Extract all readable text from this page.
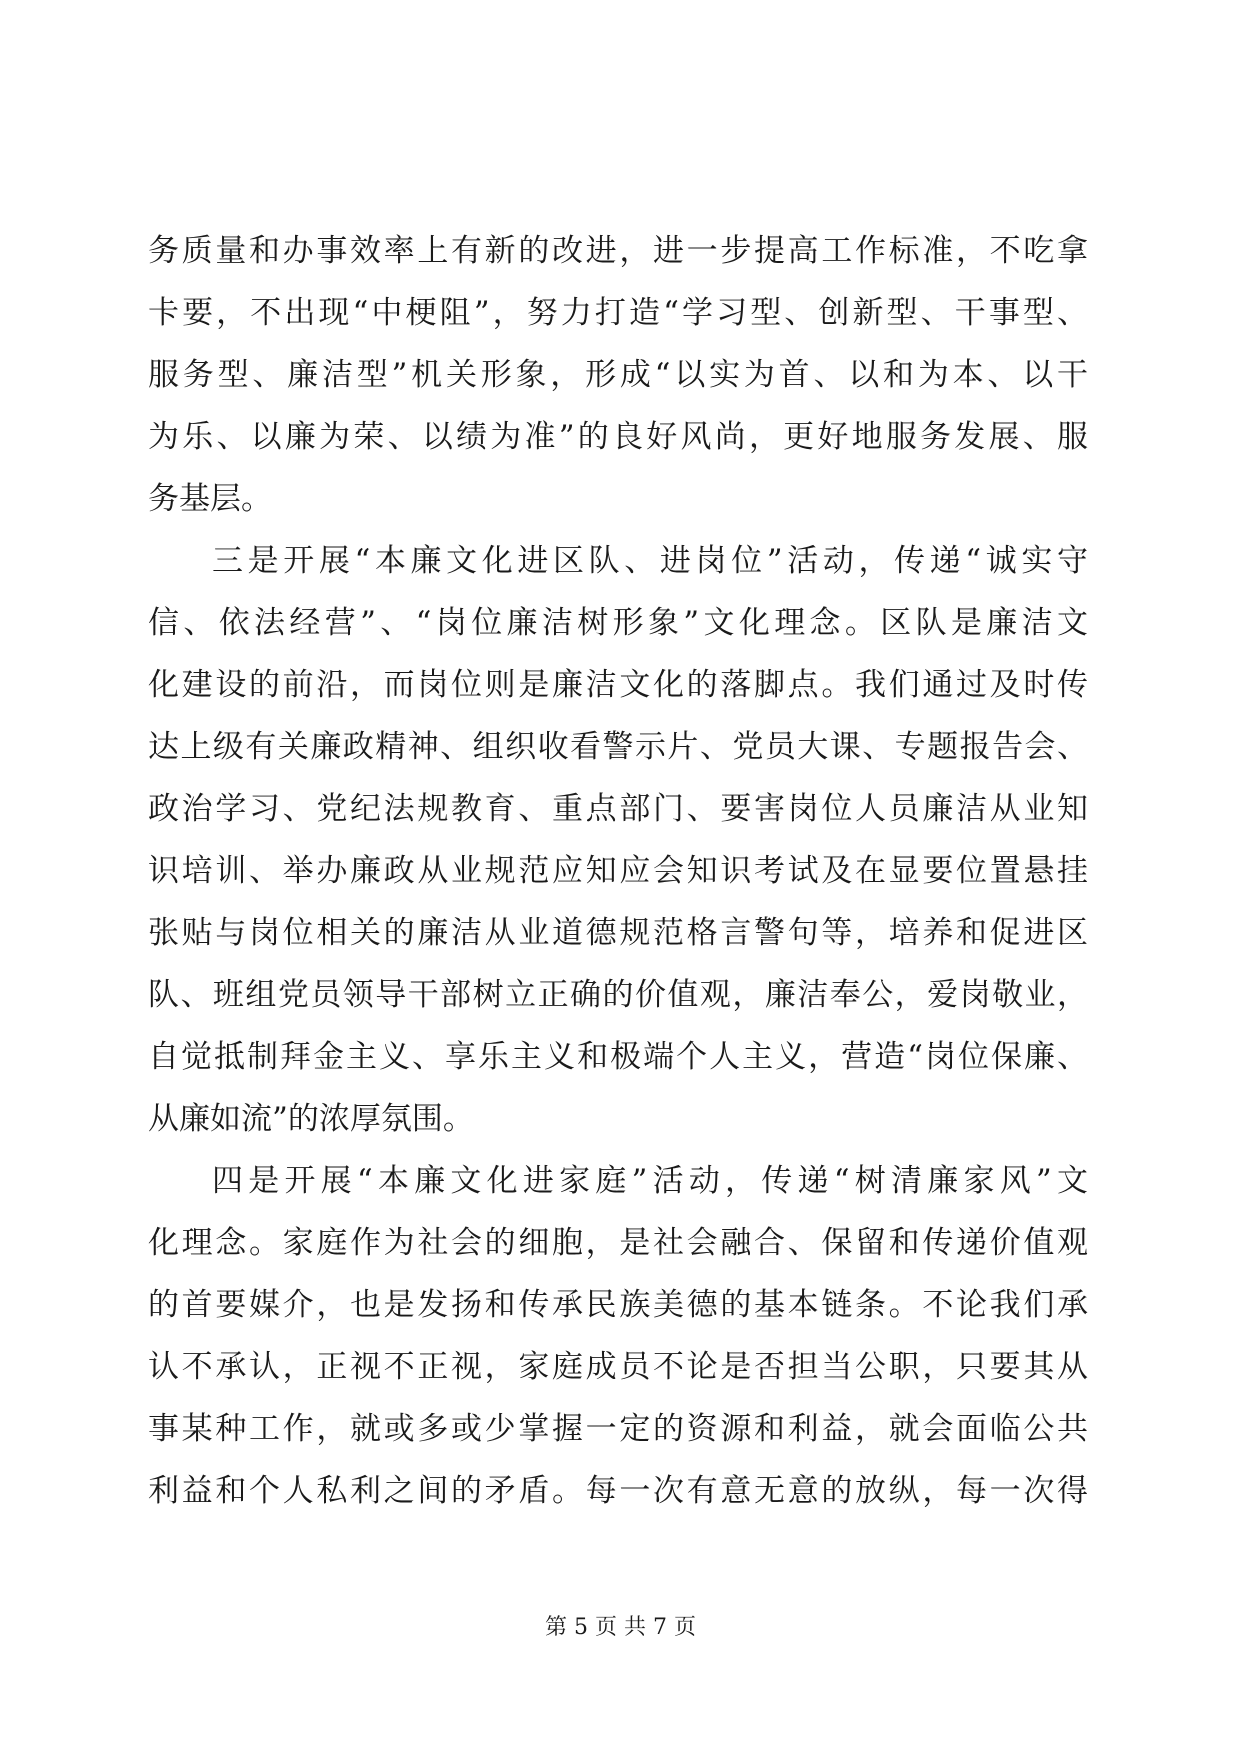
务质量和办事效率上有新的改进，进一步提高工作标准，不吃拿
卡要，不出现“中梗阻”，努力打造“学习型、创新型、干事型、
服务型、廉洁型”机关形象，形成“以实为首、以和为本、以干
为乐、以廉为荣、以绩为准”的良好风尚，更好地服务发展、服
务基层。
三是开展“本廉文化进区队、进岗位”活动，传递“诚实守
信、依法经营”、“岗位廉洁树形象”文化理念。区队是廉洁文
化建设的前沿，而岗位则是廉洁文化的落脚点。我们通过及时传
达上级有关廉政精神、组织收看警示片、党员大课、专题报告会、
政治学习、党纪法规教育、重点部门、要害岗位人员廉洁从业知
识培训、举办廉政从业规范应知应会知识考试及在显要位置悬挂
张贴与岗位相关的廉洁从业道德规范格言警句等，培养和促进区
队、班组党员领导干部树立正确的价值观，廉洁奉公，爱岗敬业，
自觉抵制拜金主义、享乐主义和极端个人主义，营造“岗位保廉、
从廉如流”的浓厚氛围。
四是开展“本廉文化进家庭”活动，传递“树清廉家风”文
化理念。家庭作为社会的细胞，是社会融合、保留和传递价值观
的首要媒介，也是发扬和传承民族美德的基本链条。不论我们承
认不承认，正视不正视，家庭成员不论是否担当公职，只要其从
事某种工作，就或多或少掌握一定的资源和利益，就会面临公共
利益和个人私利之间的矛盾。每一次有意无意的放纵，每一次得
第 5 页 共 7 页
